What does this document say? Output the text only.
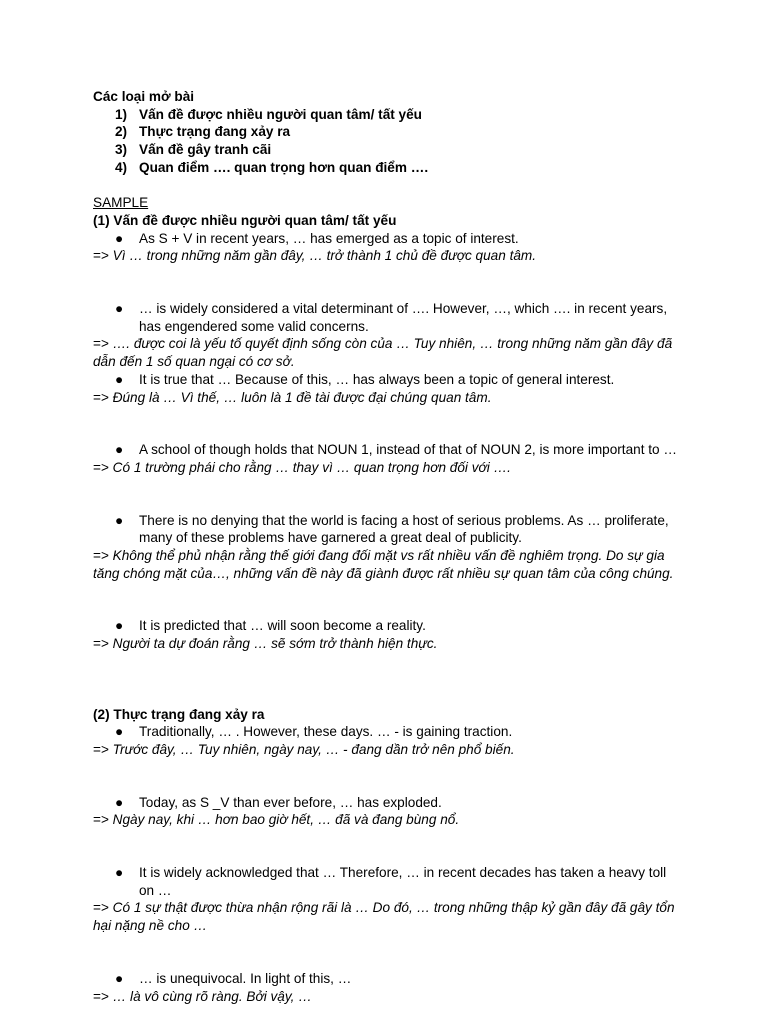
Các loại mở bài

1) Vấn đề được nhiều người quan tâm/ tất yếu
2) Thực trạng đang xảy ra
3) Vấn đề gây tranh cãi
4) Quan điểm …. quan trọng hơn quan điểm ….

SAMPLE

(1) Vấn đề được nhiều người quan tâm/ tất yếu

● As S + V in recent years, … has emerged as a topic of interest.

=> Vì … trong những năm gần đây, … trở thành 1 chủ đề được quan tâm.

● … is widely considered a vital determinant of …. However, …, which …. in recent years, has engendered some valid concerns.

=> …. được coi là yếu tố quyết định sống còn của … Tuy nhiên, … trong những năm gần đây đã dẫn đến 1 số quan ngại có cơ sở.

● It is true that … Because of this, … has always been a topic of general interest.

=> Đúng là … Vì thế, … luôn là 1 đề tài được đại chúng quan tâm.

● A school of though holds that NOUN 1, instead of that of NOUN 2, is more important to …

=> Có 1 trường phái cho rằng … thay vì … quan trọng hơn đối với ….

● There is no denying that the world is facing a host of serious problems. As … proliferate, many of these problems have garnered a great deal of publicity.

=> Không thể phủ nhận rằng thế giới đang đối mặt vs rất nhiều vấn đề nghiêm trọng. Do sự gia tăng chóng mặt của…, những vấn đề này đã giành được rất nhiều sự quan tâm của công chúng.

● It is predicted that … will soon become a reality.

=> Người ta dự đoán rằng … sẽ sớm trở thành hiện thực.

(2) Thực trạng đang xảy ra

● Traditionally, … . However, these days. … - is gaining traction.

=> Trước đây, … Tuy nhiên, ngày nay, … - đang dần trở nên phổ biến.

● Today, as S _V than ever before, … has exploded.

=> Ngày nay, khi … hơn bao giờ hết, … đã và đang bùng nổ.

● It is widely acknowledged that … Therefore, … in recent decades has taken a heavy toll on …

=> Có 1 sự thật được thừa nhận rộng rãi là … Do đó, … trong những thập kỷ gần đây đã gây tổn hại nặng nề cho …

● … is unequivocal. In light of this, …

=> … là vô cùng rõ ràng. Bởi vậy, …
